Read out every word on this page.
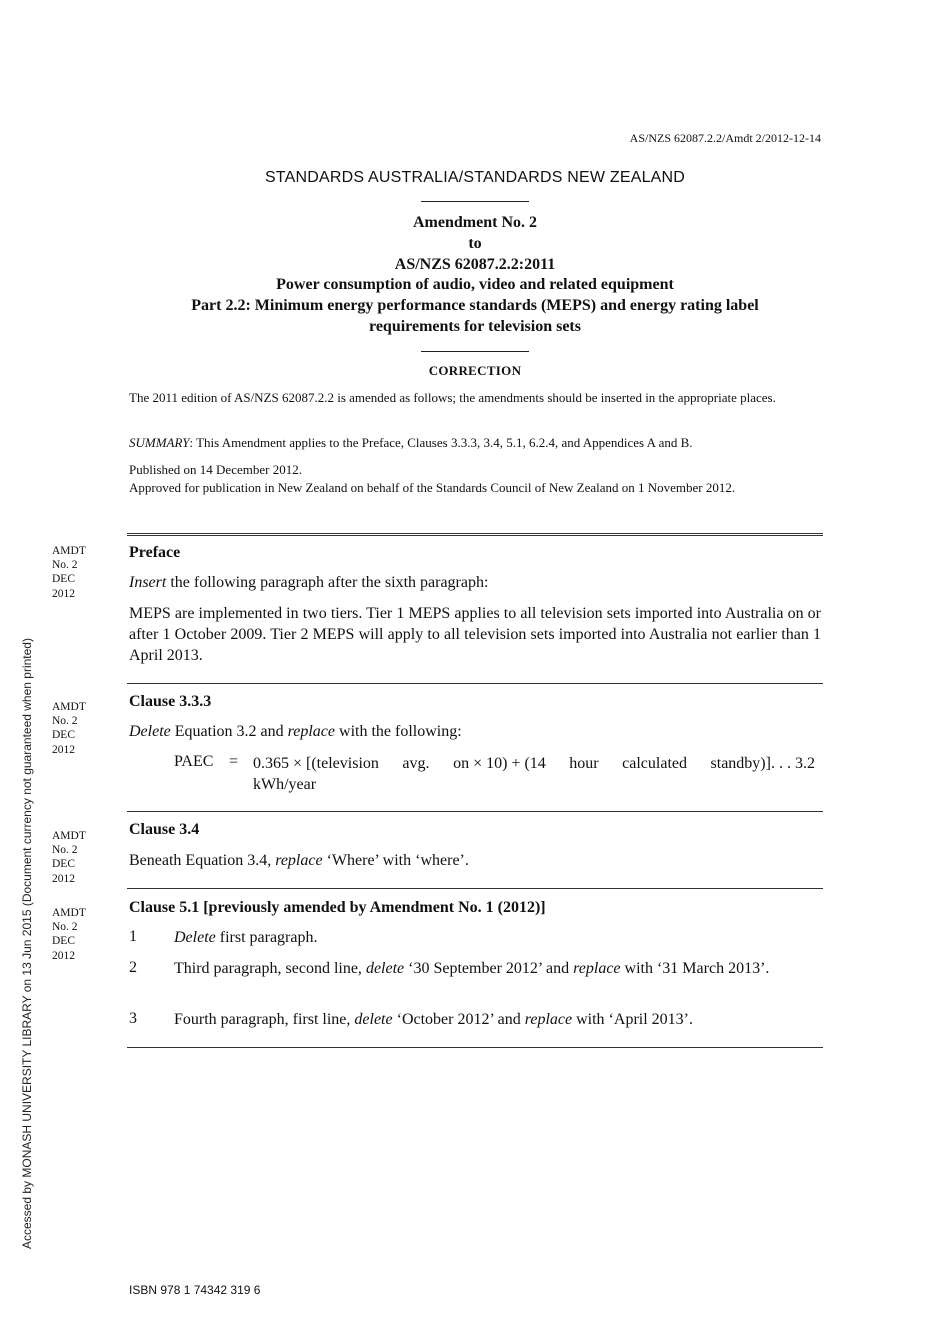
AS/NZS 62087.2.2/Amdt 2/2012-12-14
STANDARDS AUSTRALIA/STANDARDS NEW ZEALAND
Amendment No. 2
to
AS/NZS 62087.2.2:2011
Power consumption of audio, video and related equipment
Part 2.2: Minimum energy performance standards (MEPS) and energy rating label
requirements for television sets
CORRECTION

The 2011 edition of AS/NZS 62087.2.2 is amended as follows; the amendments should be inserted in the appropriate places.

SUMMARY: This Amendment applies to the Preface, Clauses 3.3.3, 3.4, 5.1, 6.2.4, and Appendices A and B.

Published on 14 December 2012.
Approved for publication in New Zealand on behalf of the Standards Council of New Zealand on 1 November 2012.
AMDT
No. 2
DEC
2012
AMDT
No. 2
DEC
2012
AMDT
No. 2
DEC
2012
AMDT
No. 2
DEC
2012
Preface

Insert the following paragraph after the sixth paragraph:

MEPS are implemented in two tiers. Tier 1 MEPS applies to all television sets imported into Australia on or after 1 October 2009. Tier 2 MEPS will apply to all television sets imported into Australia not earlier than 1 April 2013.

Clause 3.3.3

Delete Equation 3.2 and replace with the following:

PAEC = 0.365 × [(television avg. on × 10) + (14 hour calculated standby)]. . . 3.2
kWh/year
Clause 3.4

Beneath Equation 3.4, replace ‘Where’ with ‘where’.

Clause 5.1 [previously amended by Amendment No. 1 (2012)]
1 Delete first paragraph.

2 Third paragraph, second line, delete ‘30 September 2012’ and replace with ‘31 March 2013’.

3 Fourth paragraph, first line, delete ‘October 2012’ and replace with ‘April 2013’.

Accessed by MONASH UNIVERSITY LIBRARY on 13 Jun 2015 (Document currency not guaranteed when printed)
ISBN 978 1 74342 319 6
